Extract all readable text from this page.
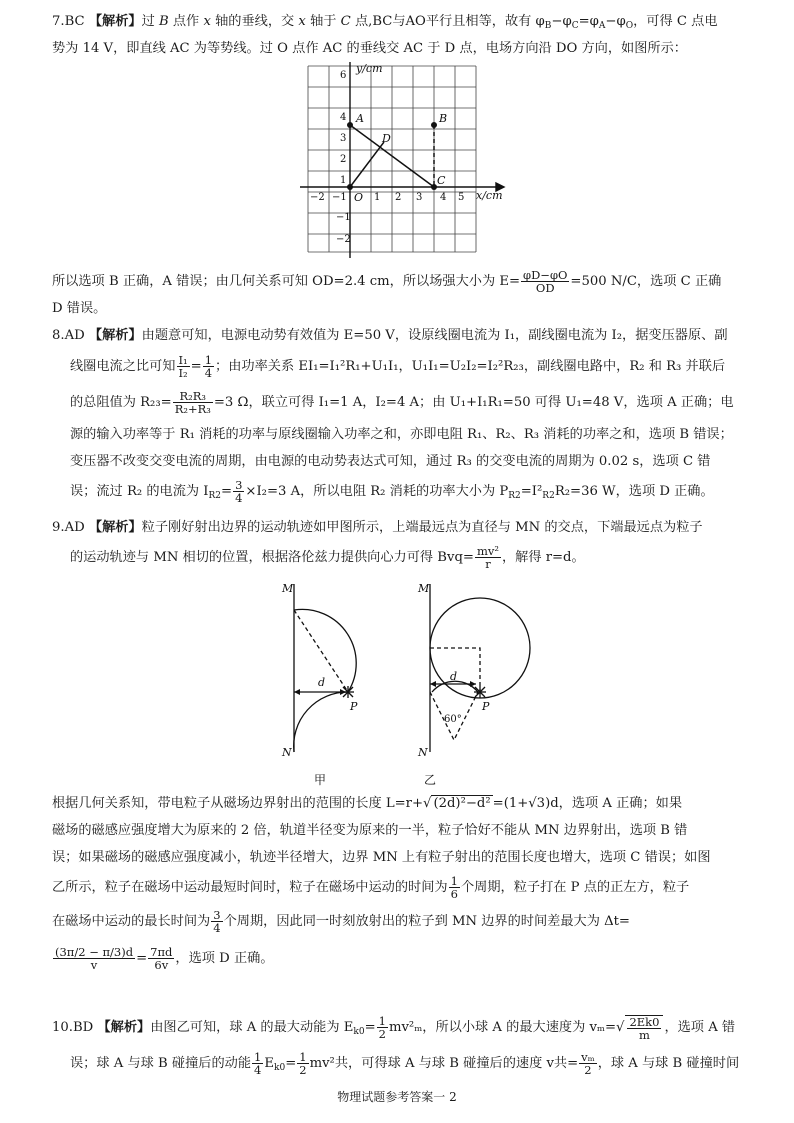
7.BC 【解析】过 B 点作 x 轴的垂线，交 x 轴于 C 点,BC与AO平行且相等，故有 $\varphi_B-\varphi_C=\varphi_A-\varphi_O$，可得 C 点电
势为 14 V，即直线 AC 为等势线。过 O 点作 AC 的垂线交 AC 于 D 点，电场方向沿 DO 方向，如图所示：
y/cm
x/cm
O
A	B
C
D
−2 −1	1 2 3 4 5
6
4
3
2
1
−1
−2
所以选项 B 正确，A 错误；由几何关系可知 OD=2.4 cm，所以场强大小为 $E= \frac{\varphi D-\varphi O}{OD} =500$ N/C，选项 C 正确
D 错误。
8.AD 【解析】由题意可知，电源电动势有效值为 E=50 V，设原线圈电流为 I₁，副线圈电流为 I₂，据变压器原、副
线圈电流之比可知 $\frac{\text{I₁}}{\text{I₂}} = \frac{1}{4}$ ；由功率关系 EI₁=I₁²R₁+U₁I₁，U₁I₁=U₂I₂=I₂²R₂₃，副线圈电路中，R₂ 和 R₃ 并联后
的总阻值为 $R_{23}= \frac{\text{R₂R₃}}{\text{R₂+R₃}} =3$ Ω，联立可得 I₁=1 A，I₂=4 A；由 U₁+I₁R₁=50 可得 U₁=48 V，选项 A 正确；电
源的输入功率等于 R₁ 消耗的功率与原线圈输入功率之和，亦即电阻 R₁、R₂、R₃ 消耗的功率之和，选项 B 错误；
变压器不改变交变电流的周期，由电源的电动势表达式可知，通过 R₃ 的交变电流的周期为 0.02 s，选项 C 错
误；流过 R₂ 的电流为 $I_{R2}= \frac{3}{4} \times I_2=3$ A，所以电阻 R₂ 消耗的功率大小为 $P_{R2}=I^2_{R2}R_2=36$ W，选项 D 正确。
9.AD 【解析】粒子刚好射出边界的运动轨迹如甲图所示，上端最远点为直径与 MN 的交点，下端最远点为粒子
的运动轨迹与 MN 相切的位置，根据洛伦兹力提供向心力可得 $Bvq= \frac{\text{mv²}}{r}$ ，解得 r=d。
M
N
P
d
甲
M
N
P
d
60°
乙
根据几何关系知，带电粒子从磁场边界射出的范围的长度 L=r+√ (2d)²−d² =(1+√3)d，选项 A 正确；如果
磁场的磁感应强度增大为原来的 2 倍，轨道半径变为原来的一半，粒子恰好不能从 MN 边界射出，选项 B 错
误；如果磁场的磁感应强度减小，轨迹半径增大，边界 MN 上有粒子射出的范围长度也增大，选项 C 错误；如图
乙所示，粒子在磁场中运动最短时间时，粒子在磁场中运动的时间为 $\frac{1}{6}$ 个周期，粒子打在 P 点的正左方，粒子
在磁场中运动的最长时间为 $\frac{3}{4}$ 个周期，因此同一时刻放射出的粒子到 MN 边界的时间差最大为 Δt=
$\frac{(3\pi/2 - \pi/3)d}{v} = \frac{7\pi d}{6v}$ ，选项 D 正确。
10.BD 【解析】由图乙可知，球 A 的最大动能为 $E_{k0}= \frac{1}{2} mv^2_m$，所以小球 A 的最大速度为 $v_m=√ \frac{2Ek0}{m}$ ，选项 A 错
误；球 A 与球 B 碰撞后的动能 $\frac{1}{4} E_{k0}= \frac{1}{2} mv^2$共，可得球 A 与球 B 碰撞后的速度 v共= $\frac{\text{vₘ}}{2}$ ，球 A 与球 B 碰撞时间
物理试题参考答案一 2
